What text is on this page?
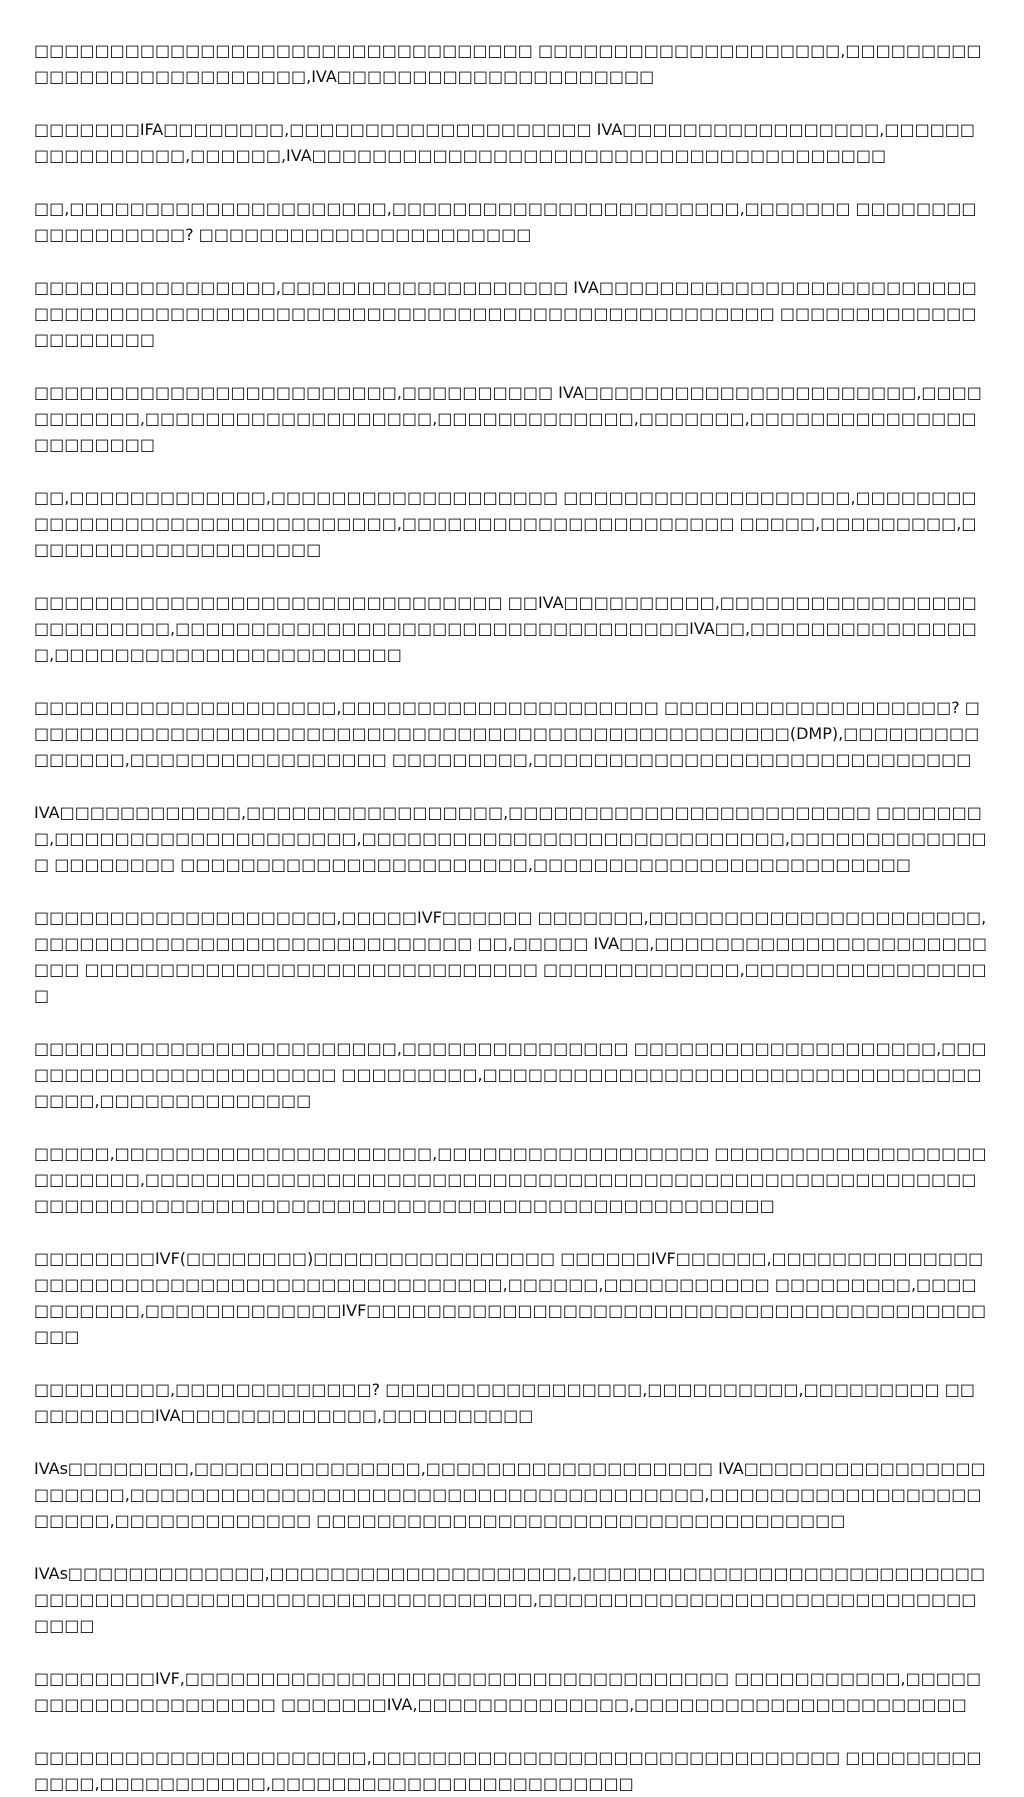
□□□□□□□□□□□□□□□□□□□□□□□□□□□□□□□□□ □□□□□□□□□□□□□□□□□□□□,□□□□□□□□□□□□□□□□□□□□□□□□□□□,IVA□□□□□□□□□□□□□□□□□□□□□

□□□□□□□IFA□□□□□□□□,□□□□□□□□□□□□□□□□□□□□ IVA□□□□□□□□□□□□□□□□□,□□□□□□□□□□□□□□□□,□□□□□□,IVA□□□□□□□□□□□□□□□□□□□□□□□□□□□□□□□□□□□□□□

□□,□□□□□□□□□□□□□□□□□□□□□,□□□□□□□□□□□□□□□□□□□□□□□,□□□□□□□ □□□□□□□□□□□□□□□□□□? □□□□□□□□□□□□□□□□□□□□□□

□□□□□□□□□□□□□□□□,□□□□□□□□□□□□□□□□□□□ IVA□□□□□□□□□□□□□□□□□□□□□□□□□□□□□□□□□□□□□□□□□□□□□□□□□□□□□□□□□□□□□□□□□□□□□□□□□□ □□□□□□□□□□□□□□□□□□□□□

□□□□□□□□□□□□□□□□□□□□□□□□,□□□□□□□□□□ IVA□□□□□□□□□□□□□□□□□□□□□□,□□□□□□□□□□□,□□□□□□□□□□□□□□□□□□□,□□□□□□□□□□□□□,□□□□□□□,□□□□□□□□□□□□□□□□□□□□□□□

□□,□□□□□□□□□□□□□,□□□□□□□□□□□□□□□□□□□ □□□□□□□□□□□□□□□□□□□,□□□□□□□□□□□□□□□□□□□□□□□□□□□□□□□□,□□□□□□□□□□□□□□□□□□□□□□ □□□□□,□□□□□□□□□,□□□□□□□□□□□□□□□□□□□□

□□□□□□□□□□□□□□□□□□□□□□□□□□□□□□□ □□IVA□□□□□□□□□□,□□□□□□□□□□□□□□□□□□□□□□□□□□,□□□□□□□□□□□□□□□□□□□□□□□□□□□□□□□□□□IVA□□,□□□□□□□□□□□□□□□□,□□□□□□□□□□□□□□□□□□□□□□□

□□□□□□□□□□□□□□□□□□□□,□□□□□□□□□□□□□□□□□□□□□ □□□□□□□□□□□□□□□□□□□? □□□□□□□□□□□□□□□□□□□□□□□□□□□□□□□□□□□□□□□□□□□□□□□□□□□(DMP),□□□□□□□□□□□□□□□,□□□□□□□□□□□□□□□□□ □□□□□□□□□,□□□□□□□□□□□□□□□□□□□□□□□□□□□□□

IVA□□□□□□□□□□□□,□□□□□□□□□□□□□□□□□,□□□□□□□□□□□□□□□□□□□□□□□□ □□□□□□□□,□□□□□□□□□□□□□□□□□□□□,□□□□□□□□□□□□□□□□□□□□□□□□□□□□,□□□□□□□□□□□□□□ □□□□□□□□ □□□□□□□□□□□□□□□□□□□□□□□,□□□□□□□□□□□□□□□□□□□□□□□□□

□□□□□□□□□□□□□□□□□□□□,□□□□□IVF□□□□□□ □□□□□□□,□□□□□□□□□□□□□□□□□□□□□□,□□□□□□□□□□□□□□□□□□□□□□□□□□□□□ □□,□□□□□ IVA□□,□□□□□□□□□□□□□□□□□□□□□□□□□ □□□□□□□□□□□□□□□□□□□□□□□□□□□□□□ □□□□□□□□□□□□□,□□□□□□□□□□□□□□□□□

□□□□□□□□□□□□□□□□□□□□□□□□,□□□□□□□□□□□□□□□ □□□□□□□□□□□□□□□□□□□□,□□□□□□□□□□□□□□□□□□□□□□□ □□□□□□□□□,□□□□□□□□□□□□□□□□□□□□□□□□□□□□□□□□□□□□□,□□□□□□□□□□□□□□

□□□□□,□□□□□□□□□□□□□□□□□□□□□,□□□□□□□□□□□□□□□□□□ □□□□□□□□□□□□□□□□□□□□□□□□□,□□□□□□□□□□□□□□□□□□□□□□□□□□□□□□□□□□□□□□□□□□□□□□□□□□□□□□□□□□□□□□□□□□□□□□□□□□□□□□□□□□□□□□□□□□□□□□□□□□□□□□□□

□□□□□□□□IVF(□□□□□□□□)□□□□□□□□□□□□□□□□ □□□□□□IVF□□□□□□,□□□□□□□□□□□□□□□□□□□□□□□□□□□□□□□□□□□□□□□□□□□□□,□□□□□□,□□□□□□□□□□□ □□□□□□□□□,□□□□□□□□□□□,□□□□□□□□□□□□□IVF□□□□□□□□□□□□□□□□□□□□□□□□□□□□□□□□□□□□□□□□□□□□

□□□□□□□□□,□□□□□□□□□□□□□? □□□□□□□□□□□□□□□□□,□□□□□□□□□□,□□□□□□□□□ □□□□□□□□□□IVA□□□□□□□□□□□□□,□□□□□□□□□□

IVAs□□□□□□□□,□□□□□□□□□□□□□□□,□□□□□□□□□□□□□□□□□□□ IVA□□□□□□□□□□□□□□□□□□□□□□,□□□□□□□□□□□□□□□□□□□□□□□□□□□□□□□□□□□□□□,□□□□□□□□□□□□□□□□□□□□□□□,□□□□□□□□□□□□□ □□□□□□□□□□□□□□□□□□□□□□□□□□□□□□□□□□□

IVAs□□□□□□□□□□□□□,□□□□□□□□□□□□□□□□□□□□,□□□□□□□□□□□□□□□□□□□□□□□□□□□□□□□□□□□□□□□□□□□□□□□□□□□□□□□□□□□□,□□□□□□□□□□□□□□□□□□□□□□□□□□□□□□□□□

□□□□□□□□IVF,□□□□□□□□□□□□□□□□□□□□□□□□□□□□□□□□□□□□ □□□□□□□□□□□,□□□□□□□□□□□□□□□□□□□□□ □□□□□□□IVA,□□□□□□□□□□□□□□,□□□□□□□□□□□□□□□□□□□□□□

□□□□□□□□□□□□□□□□□□□□□□,□□□□□□□□□□□□□□□□□□□□□□□□□□□□□□□ □□□□□□□□□□□□□,□□□□□□□□□□□,□□□□□□□□□□□□□□□□□□□□□□□□
